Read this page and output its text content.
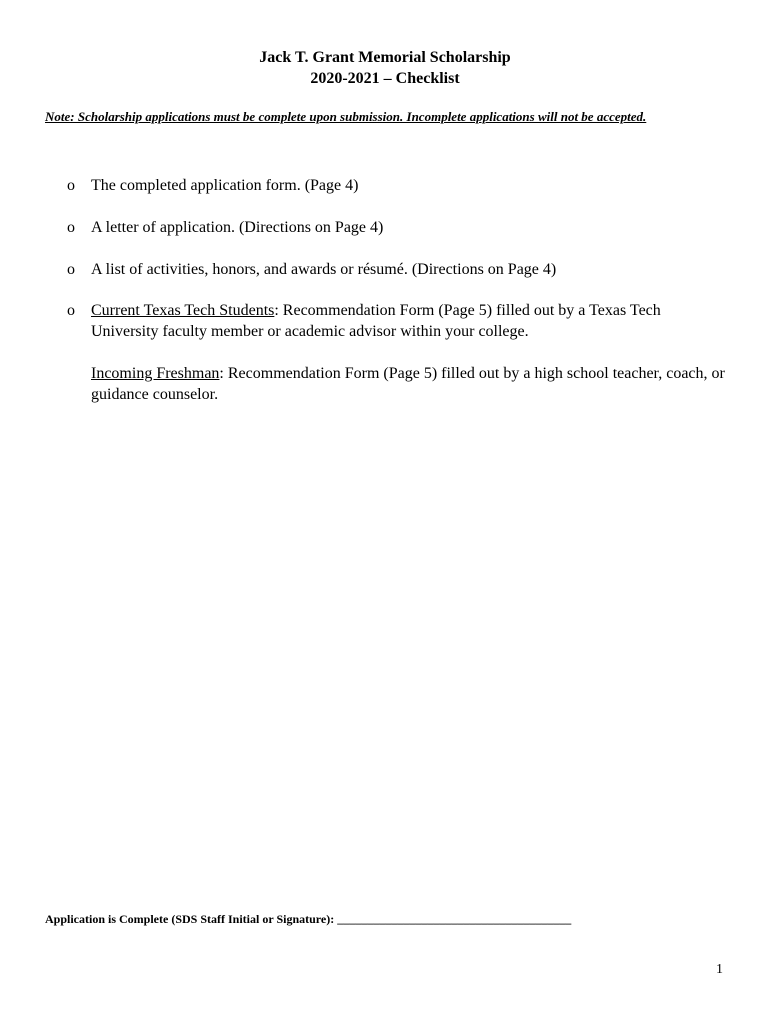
Jack T. Grant Memorial Scholarship
2020-2021 – Checklist
Note: Scholarship applications must be complete upon submission. Incomplete applications will not be accepted.
o	The completed application form. (Page 4)
o	A letter of application. (Directions on Page 4)
o	A list of activities, honors, and awards or résumé. (Directions on Page 4)
o	Current Texas Tech Students: Recommendation Form (Page 5) filled out by a Texas Tech University faculty member or academic advisor within your college.
Incoming Freshman: Recommendation Form (Page 5) filled out by a high school teacher, coach, or guidance counselor.
Application is Complete (SDS Staff Initial or Signature): _______________________________________
1
